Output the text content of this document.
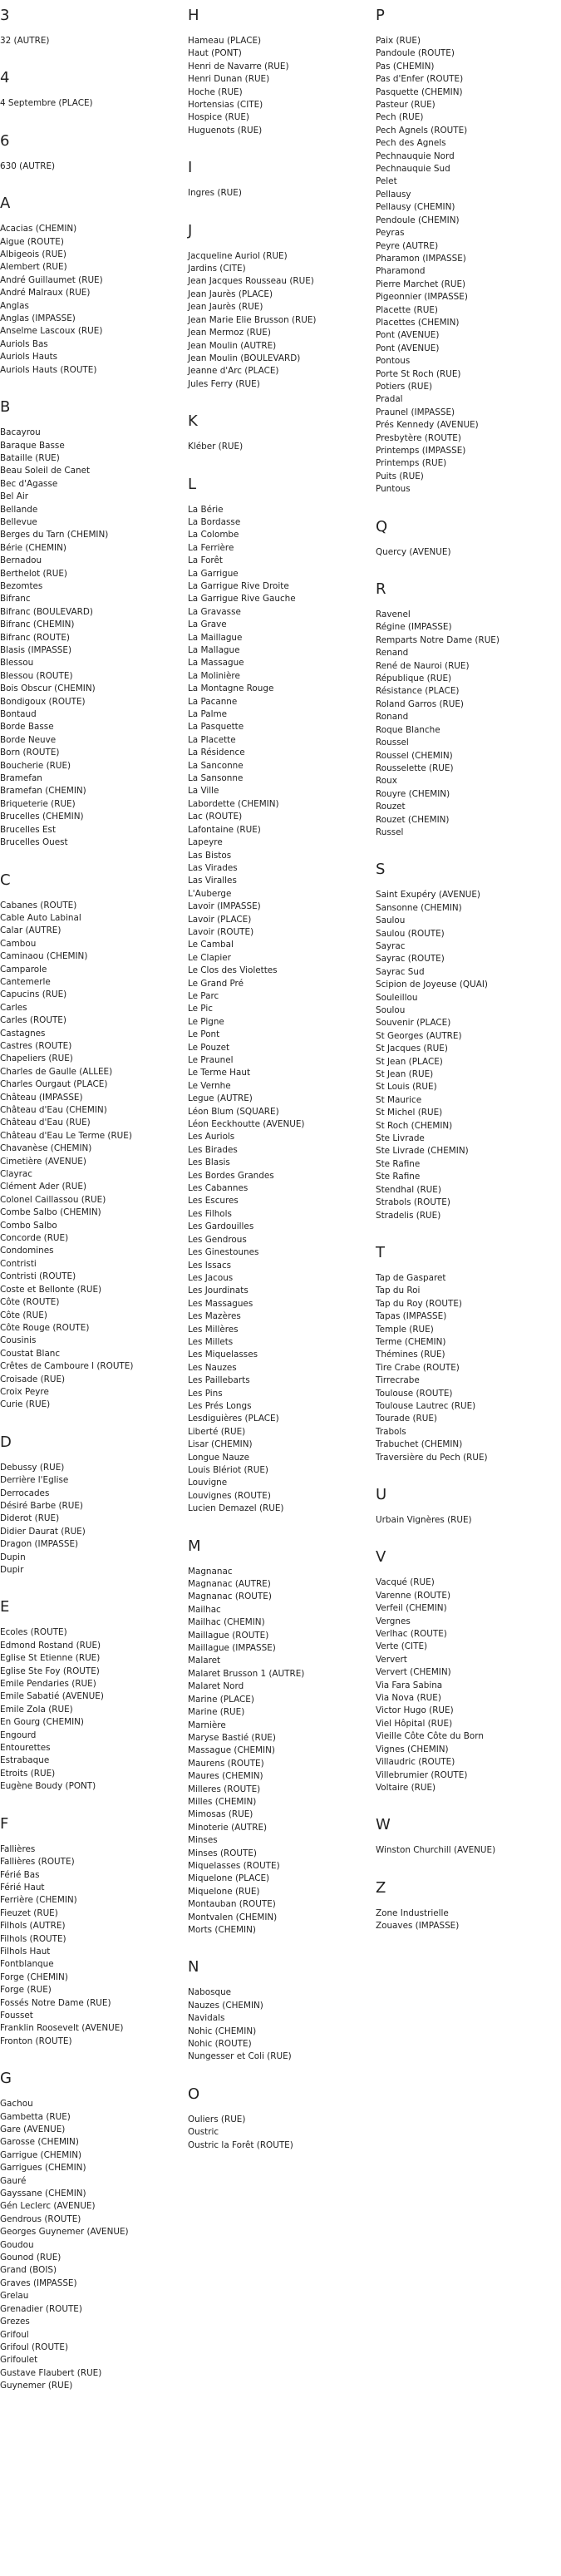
3
32 (AUTRE)
4
4 Septembre (PLACE)
6
630 (AUTRE)
A
Acacias (CHEMIN)
Aigue (ROUTE)
Albigeois (RUE)
Alembert (RUE)
André Guillaumet (RUE)
André Malraux (RUE)
Anglas
Anglas (IMPASSE)
Anselme Lascoux (RUE)
Auriols Bas
Auriols Hauts
Auriols Hauts (ROUTE)
B
Bacayrou
Baraque Basse
Bataille (RUE)
Beau Soleil de Canet
Bec d'Agasse
Bel Air
Bellande
Bellevue
Berges du Tarn (CHEMIN)
Bérie (CHEMIN)
Bernadou
Berthelot (RUE)
Bezomtes
Bifranc
Bifranc (BOULEVARD)
Bifranc (CHEMIN)
Bifranc (ROUTE)
Blasis (IMPASSE)
Blessou
Blessou (ROUTE)
Bois Obscur (CHEMIN)
Bondigoux (ROUTE)
Bontaud
Borde Basse
Borde Neuve
Born (ROUTE)
Boucherie (RUE)
Bramefan
Bramefan (CHEMIN)
Briqueterie (RUE)
Brucelles (CHEMIN)
Brucelles Est
Brucelles Ouest
C
Cabanes (ROUTE)
Cable Auto Labinal
Calar (AUTRE)
Cambou
Caminaou (CHEMIN)
Camparole
Cantemerle
Capucins (RUE)
Carles
Carles (ROUTE)
Castagnes
Castres (ROUTE)
Chapeliers (RUE)
Charles de Gaulle (ALLEE)
Charles Ourgaut (PLACE)
Château (IMPASSE)
Château d'Eau (CHEMIN)
Château d'Eau (RUE)
Château d'Eau Le Terme (RUE)
Chavanèse (CHEMIN)
Cimetière (AVENUE)
Clayrac
Clément Ader (RUE)
Colonel Caillassou (RUE)
Combe Salbo (CHEMIN)
Combo Salbo
Concorde (RUE)
Condomines
Contristi
Contristi (ROUTE)
Coste et Bellonte (RUE)
Côte (ROUTE)
Côte (RUE)
Côte Rouge (ROUTE)
Cousinis
Coustat Blanc
Crêtes de Camboure l (ROUTE)
Croisade (RUE)
Croix Peyre
Curie (RUE)
D
Debussy (RUE)
Derrière l'Eglise
Derrocades
Désiré Barbe (RUE)
Diderot (RUE)
Didier Daurat (RUE)
Dragon (IMPASSE)
Dupin
Dupir
E
Ecoles (ROUTE)
Edmond Rostand (RUE)
Eglise St Etienne (RUE)
Eglise Ste Foy (ROUTE)
Emile Pendaries (RUE)
Emile Sabatié (AVENUE)
Emile Zola (RUE)
En Gourg (CHEMIN)
Engourd
Entourettes
Estrabaque
Etroits (RUE)
Eugène Boudy (PONT)
F
Fallières
Fallières (ROUTE)
Férié Bas
Férié Haut
Ferrière (CHEMIN)
Fieuzet (RUE)
Filhols (AUTRE)
Filhols (ROUTE)
Filhols Haut
Fontblanque
Forge (CHEMIN)
Forge (RUE)
Fossés Notre Dame (RUE)
Fousset
Franklin Roosevelt (AVENUE)
Fronton (ROUTE)
G
Gachou
Gambetta (RUE)
Gare (AVENUE)
Garosse (CHEMIN)
Garrigue (CHEMIN)
Garrigues (CHEMIN)
Gauré
Gayssane (CHEMIN)
Gén Leclerc (AVENUE)
Gendrous (ROUTE)
Georges Guynemer (AVENUE)
Goudou
Gounod (RUE)
Grand (BOIS)
Graves (IMPASSE)
Grelau
Grenadier (ROUTE)
Grezes
Grifoul
Grifoul (ROUTE)
Grifoulet
Gustave Flaubert (RUE)
Guynemer (RUE)
H
Hameau (PLACE)
Haut (PONT)
Henri de Navarre (RUE)
Henri Dunan (RUE)
Hoche (RUE)
Hortensias (CITE)
Hospice (RUE)
Huguenots (RUE)
I
Ingres (RUE)
J
Jacqueline Auriol (RUE)
Jardins (CITE)
Jean Jacques Rousseau (RUE)
Jean Jaurès (PLACE)
Jean Jaurès (RUE)
Jean Marie Elie Brusson (RUE)
Jean Mermoz (RUE)
Jean Moulin (AUTRE)
Jean Moulin (BOULEVARD)
Jeanne d'Arc (PLACE)
Jules Ferry (RUE)
K
Kléber (RUE)
L
La Bérie
La Bordasse
La Colombe
La Ferrière
La Forêt
La Garrigue
La Garrigue Rive Droite
La Garrigue Rive Gauche
La Gravasse
La Grave
La Maillague
La Mallague
La Massague
La Molinière
La Montagne Rouge
La Pacanne
La Palme
La Pasquette
La Placette
La Résidence
La Sanconne
La Sansonne
La Ville
Labordette (CHEMIN)
Lac (ROUTE)
Lafontaine (RUE)
Lapeyre
Las Bistos
Las Virades
Las Viralles
L'Auberge
Lavoir (IMPASSE)
Lavoir (PLACE)
Lavoir (ROUTE)
Le Cambal
Le Clapier
Le Clos des Violettes
Le Grand Pré
Le Parc
Le Pic
Le Pigne
Le Pont
Le Pouzet
Le Praunel
Le Terme Haut
Le Vernhe
Legue (AUTRE)
Léon Blum (SQUARE)
Léon Eeckhoutte (AVENUE)
Les Auriols
Les Birades
Les Blasis
Les Bordes Grandes
Les Cabannes
Les Escures
Les Filhols
Les Gardouilles
Les Gendrous
Les Ginestounes
Les Issacs
Les Jacous
Les Jourdinats
Les Massagues
Les Mazères
Les Millères
Les Millets
Les Miquelasses
Les Nauzes
Les Paillebarts
Les Pins
Les Prés Longs
Lesdiguières (PLACE)
Liberté (RUE)
Lisar (CHEMIN)
Longue Nauze
Louis Blériot (RUE)
Louvigne
Louvignes (ROUTE)
Lucien Demazel (RUE)
M
Magnanac
Magnanac (AUTRE)
Magnanac (ROUTE)
Mailhac
Mailhac (CHEMIN)
Maillague (ROUTE)
Maillague (IMPASSE)
Malaret
Malaret Brusson 1 (AUTRE)
Malaret Nord
Marine (PLACE)
Marine (RUE)
Marnière
Maryse Bastié (RUE)
Massague (CHEMIN)
Maurens (ROUTE)
Maures (CHEMIN)
Milleres (ROUTE)
Milles (CHEMIN)
Mimosas (RUE)
Minoterie (AUTRE)
Minses
Minses (ROUTE)
Miquelasses (ROUTE)
Miquelone (PLACE)
Miquelone (RUE)
Montauban (ROUTE)
Montvalen (CHEMIN)
Morts (CHEMIN)
N
Nabosque
Nauzes (CHEMIN)
Navidals
Nohic (CHEMIN)
Nohic (ROUTE)
Nungesser et Coli (RUE)
O
Ouliers (RUE)
Oustric
Oustric la Forêt (ROUTE)
P
Paix (RUE)
Pandoule (ROUTE)
Pas (CHEMIN)
Pas d'Enfer (ROUTE)
Pasquette (CHEMIN)
Pasteur (RUE)
Pech (RUE)
Pech Agnels (ROUTE)
Pech des Agnels
Pechnauquie Nord
Pechnauquie Sud
Pelet
Pellausy
Pellausy (CHEMIN)
Pendoule (CHEMIN)
Peyras
Peyre (AUTRE)
Pharamon (IMPASSE)
Pharamond
Pierre Marchet (RUE)
Pigeonnier (IMPASSE)
Placette (RUE)
Placettes (CHEMIN)
Pont (AVENUE)
Pont (AVENUE)
Pontous
Porte St Roch (RUE)
Potiers (RUE)
Pradal
Praunel (IMPASSE)
Prés Kennedy (AVENUE)
Presbytère (ROUTE)
Printemps (IMPASSE)
Printemps (RUE)
Puits (RUE)
Puntous
Q
Quercy (AVENUE)
R
Ravenel
Régine (IMPASSE)
Remparts Notre Dame (RUE)
Renand
René de Nauroi (RUE)
République (RUE)
Résistance (PLACE)
Roland Garros (RUE)
Ronand
Roque Blanche
Roussel
Roussel (CHEMIN)
Rousselette (RUE)
Roux
Rouyre (CHEMIN)
Rouzet
Rouzet (CHEMIN)
Russel
S
Saint Exupéry (AVENUE)
Sansonne (CHEMIN)
Saulou
Saulou (ROUTE)
Sayrac
Sayrac (ROUTE)
Sayrac Sud
Scipion de Joyeuse (QUAI)
Souleillou
Soulou
Souvenir (PLACE)
St Georges (AUTRE)
St Jacques (RUE)
St Jean (PLACE)
St Jean (RUE)
St Louis (RUE)
St Maurice
St Michel (RUE)
St Roch (CHEMIN)
Ste Livrade
Ste Livrade (CHEMIN)
Ste Rafine
Ste Rafine
Stendhal (RUE)
Strabols (ROUTE)
Stradelis (RUE)
T
Tap de Gasparet
Tap du Roi
Tap du Roy (ROUTE)
Tapas (IMPASSE)
Temple (RUE)
Terme (CHEMIN)
Thémines (RUE)
Tire Crabe (ROUTE)
Tirrecrabe
Toulouse (ROUTE)
Toulouse Lautrec (RUE)
Tourade (RUE)
Trabols
Trabuchet (CHEMIN)
Traversière du Pech (RUE)
U
Urbain Vignères (RUE)
V
Vacqué (RUE)
Varenne (ROUTE)
Verfeil (CHEMIN)
Vergnes
Verlhac (ROUTE)
Verte (CITE)
Ververt
Ververt (CHEMIN)
Via Fara Sabina
Via Nova (RUE)
Victor Hugo (RUE)
Viel Hôpital (RUE)
Vieille Côte Côte du Born
Vignes (CHEMIN)
Villaudric (ROUTE)
Villebrumier (ROUTE)
Voltaire (RUE)
W
Winston Churchill (AVENUE)
Z
Zone Industrielle
Zouaves (IMPASSE)
